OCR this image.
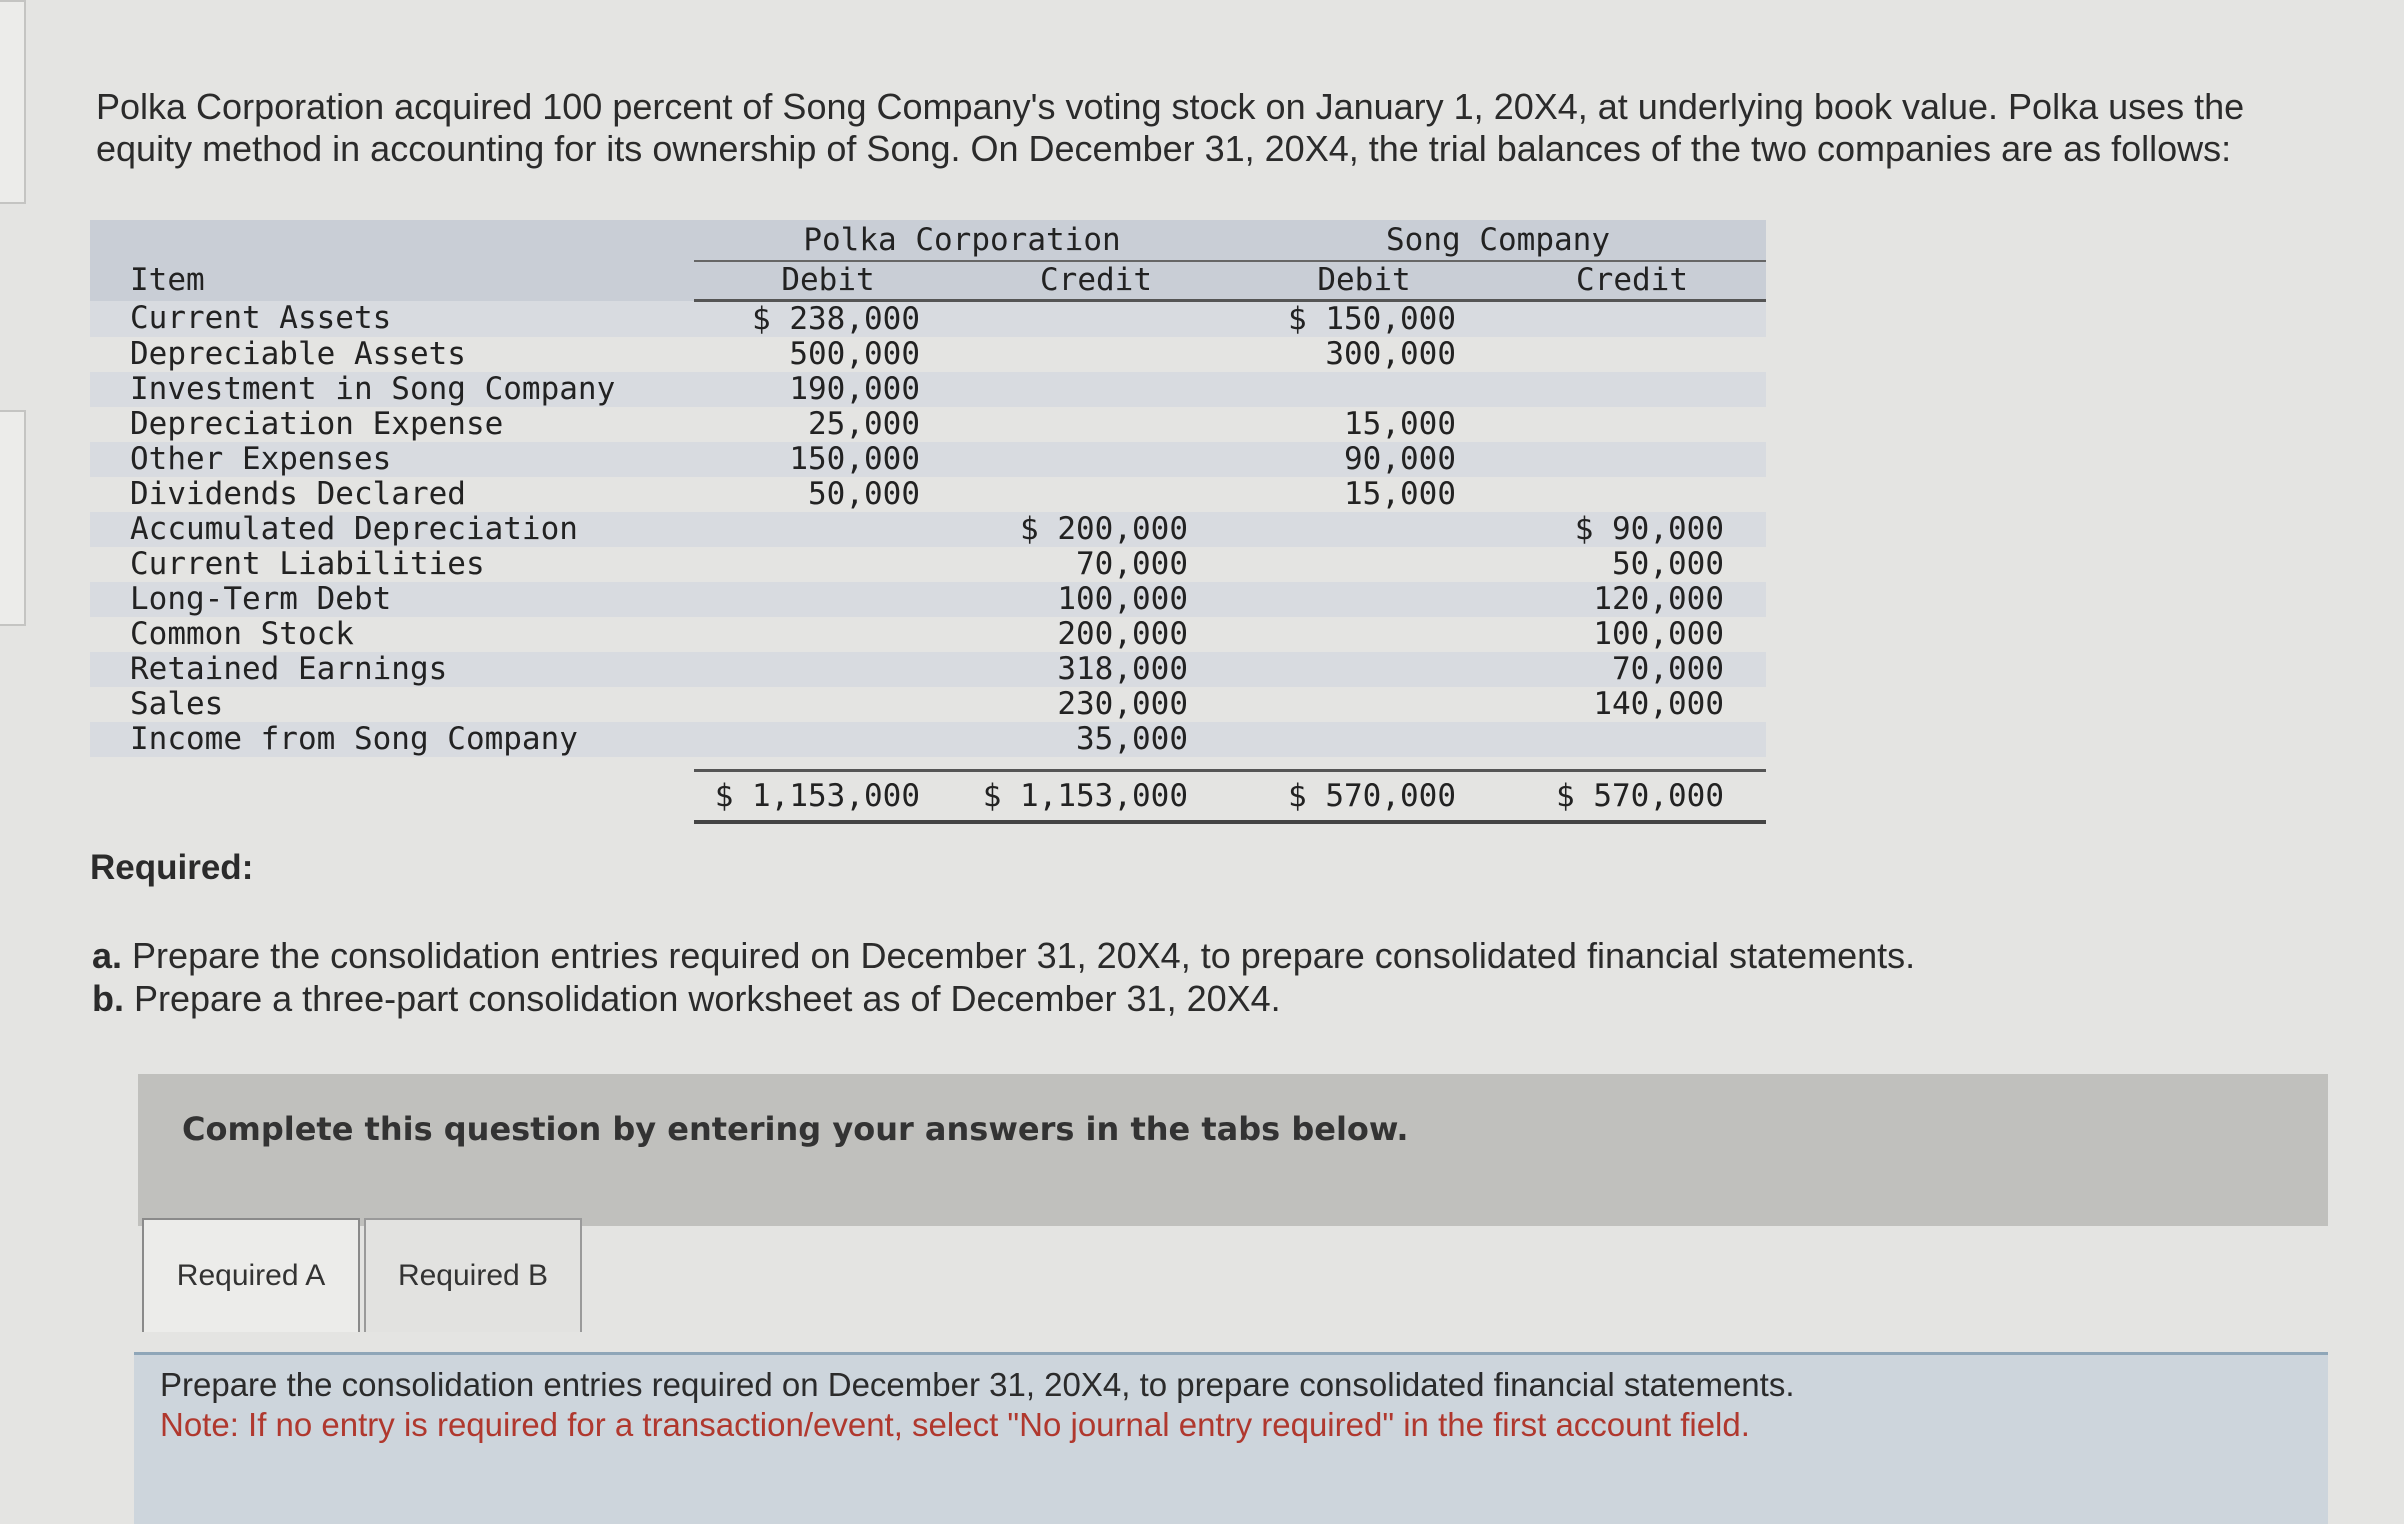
Polka Corporation acquired 100 percent of Song Company's voting stock on January 1, 20X4, at underlying book value. Polka uses the equity method in accounting for its ownership of Song. On December 31, 20X4, the trial balances of the two companies are as follows:

	Polka Corporation		Song Company	
Item	Debit	Credit	Debit	Credit
Current Assets	$ 238,000		$ 150,000	
Depreciable Assets	500,000		300,000	
Investment in Song Company	190,000			
Depreciation Expense	25,000		15,000	
Other Expenses	150,000		90,000	
Dividends Declared	50,000		15,000	
Accumulated Depreciation		$ 200,000		$ 90,000
Current Liabilities		70,000		50,000
Long-Term Debt		100,000		120,000
Common Stock		200,000		100,000
Retained Earnings		318,000		70,000
Sales		230,000		140,000
Income from Song Company		35,000		

	$ 1,153,000	$ 1,153,000	$ 570,000	$ 570,000
Required:
a. Prepare the consolidation entries required on December 31, 20X4, to prepare consolidated financial statements.
b. Prepare a three-part consolidation worksheet as of December 31, 20X4.
Complete this question by entering your answers in the tabs below.
Required A	Required B

Prepare the consolidation entries required on December 31, 20X4, to prepare consolidated financial statements.

Note: If no entry is required for a transaction/event, select "No journal entry required" in the first account field.
